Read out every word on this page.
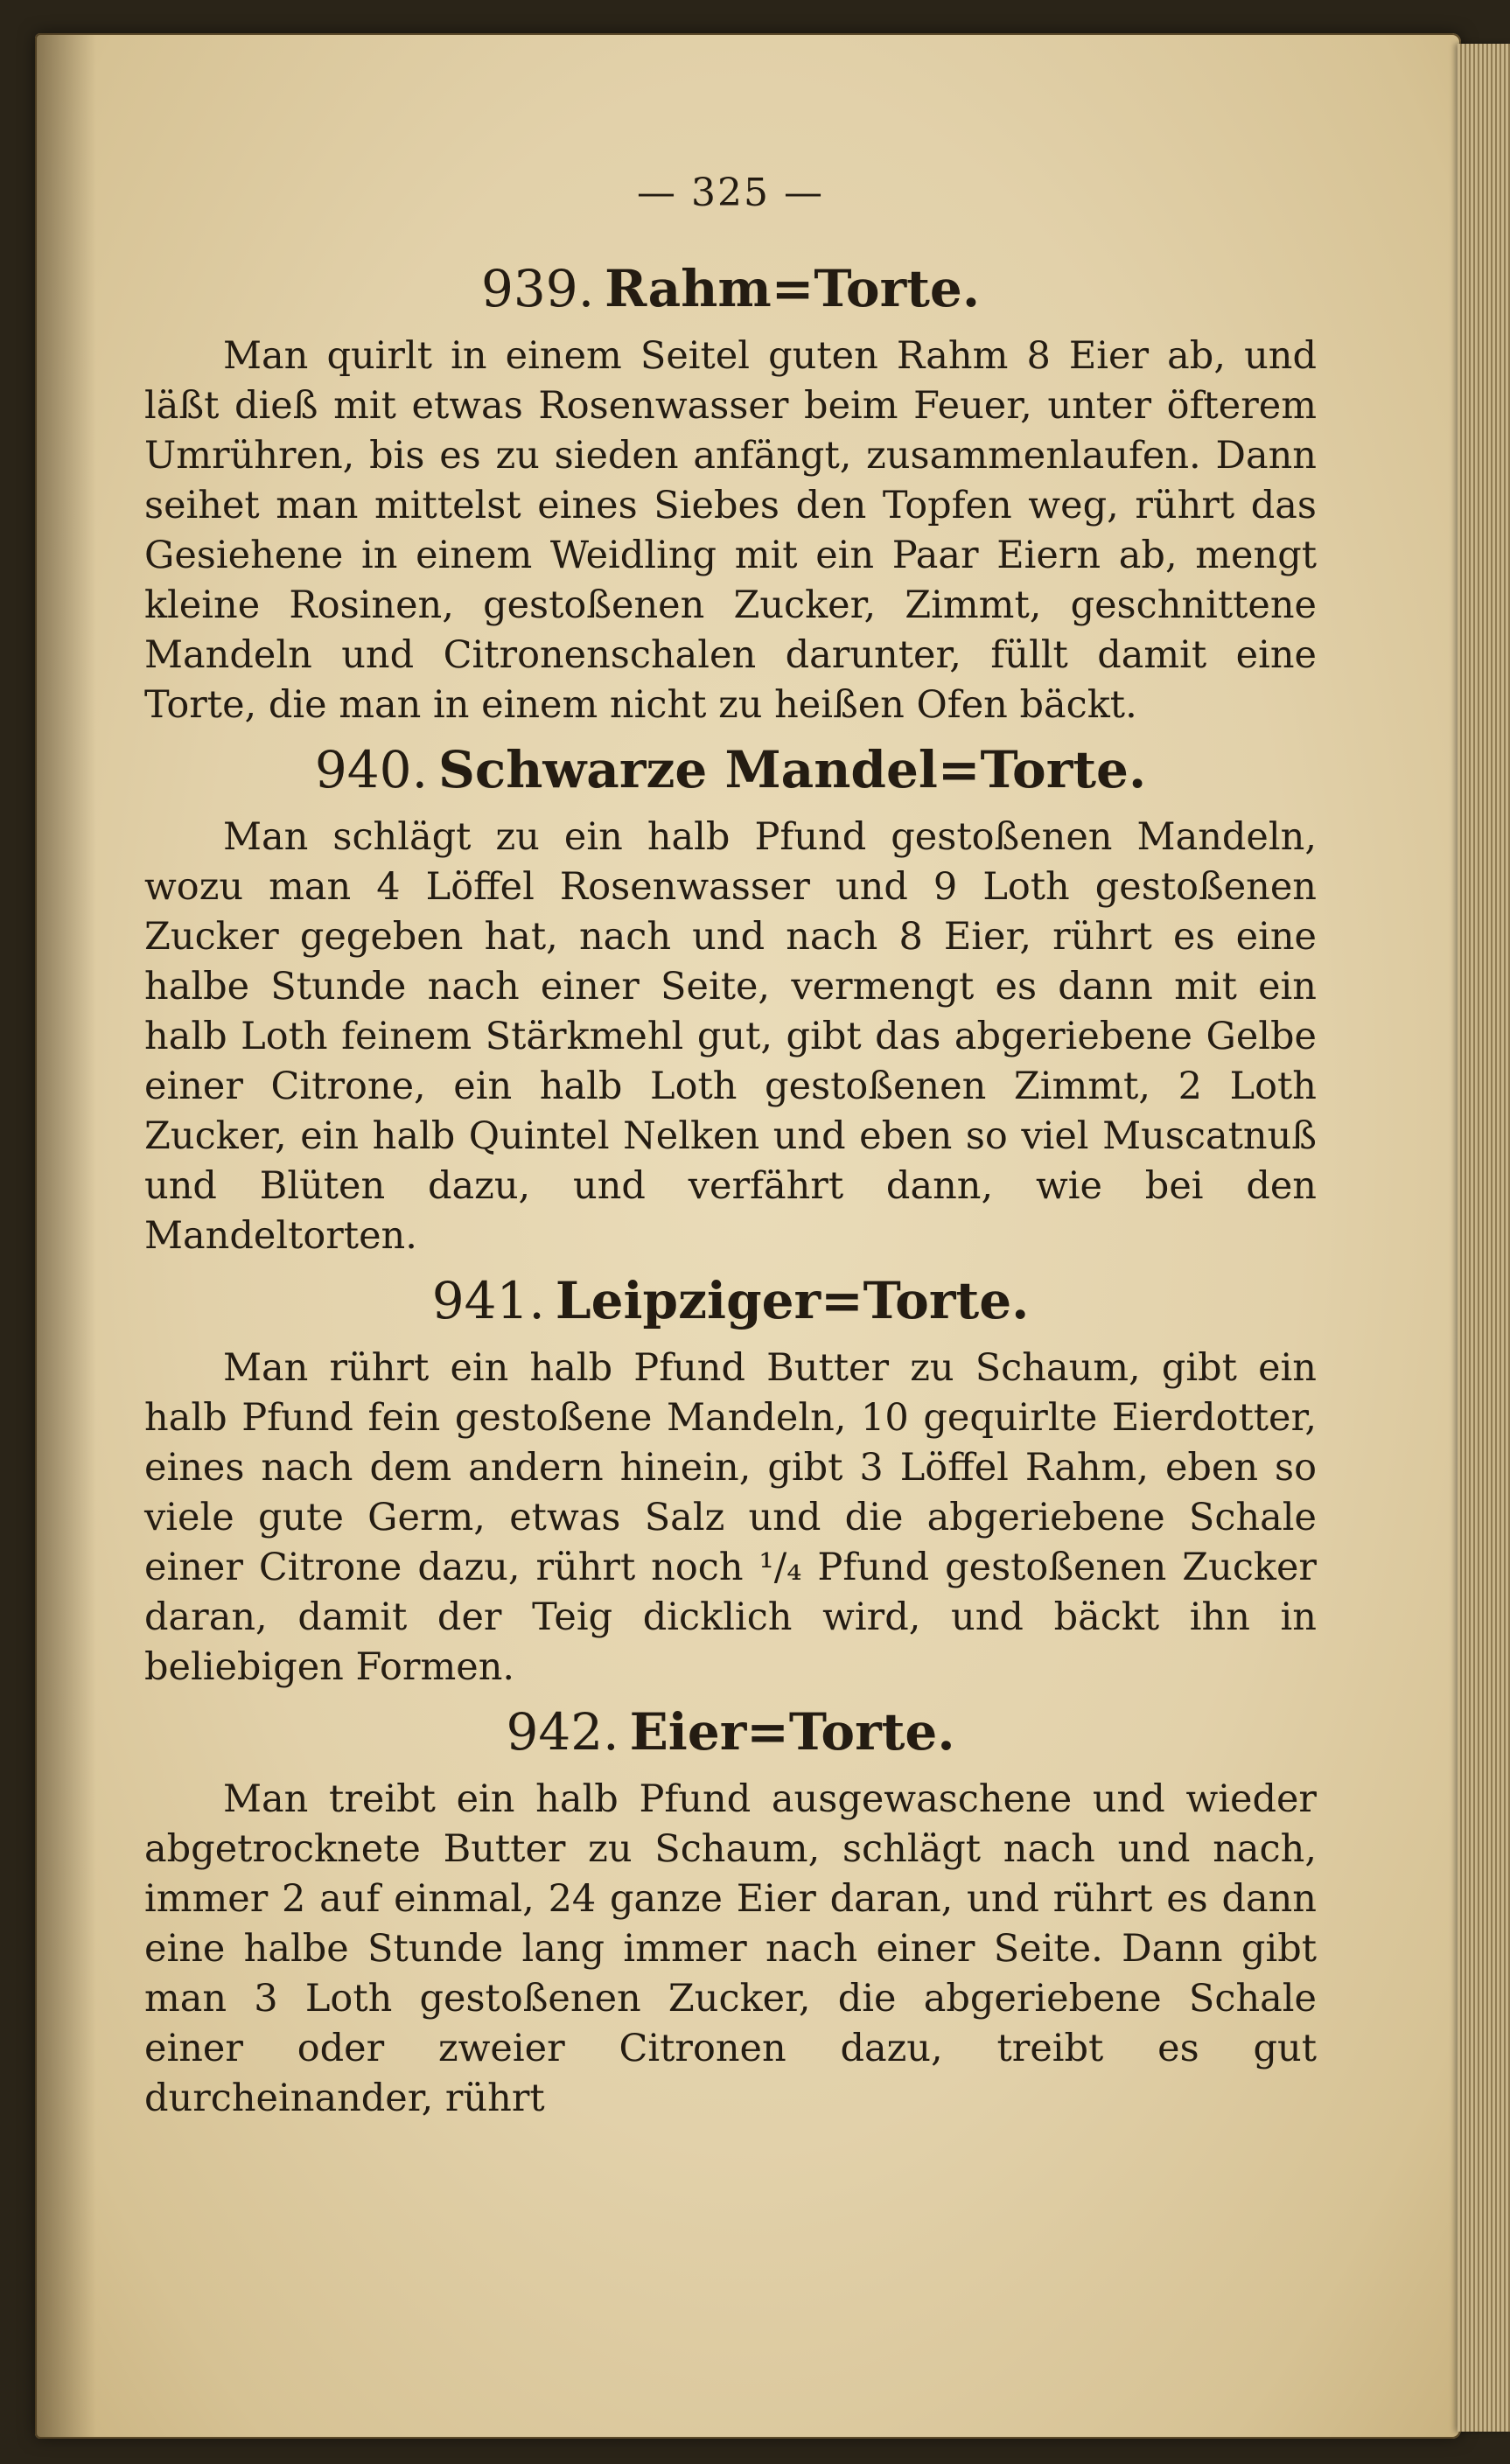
— 325 —
939. Rahm=Torte.

Man quirlt in einem Seitel guten Rahm 8 Eier ab, und läßt dieß mit etwas Rosenwasser beim Feuer, unter öfterem Umrühren, bis es zu sieden anfängt, zusammenlaufen. Dann seihet man mittelst eines Siebes den Topfen weg, rührt das Gesiehene in einem Weidling mit ein Paar Eiern ab, mengt kleine Rosinen, gestoßenen Zucker, Zimmt, geschnittene Mandeln und Citronenschalen darunter, füllt damit eine Torte, die man in einem nicht zu heißen Ofen bäckt.

940. Schwarze Mandel=Torte.

Man schlägt zu ein halb Pfund gestoßenen Mandeln, wozu man 4 Löffel Rosenwasser und 9 Loth gestoßenen Zucker gegeben hat, nach und nach 8 Eier, rührt es eine halbe Stunde nach einer Seite, vermengt es dann mit ein halb Loth feinem Stärkmehl gut, gibt das abgeriebene Gelbe einer Citrone, ein halb Loth gestoßenen Zimmt, 2 Loth Zucker, ein halb Quintel Nelken und eben so viel Muscatnuß und Blüten dazu, und verfährt dann, wie bei den Mandeltorten.

941. Leipziger=Torte.

Man rührt ein halb Pfund Butter zu Schaum, gibt ein halb Pfund fein gestoßene Mandeln, 10 gequirlte Eierdotter, eines nach dem andern hinein, gibt 3 Löffel Rahm, eben so viele gute Germ, etwas Salz und die abgeriebene Schale einer Citrone dazu, rührt noch ¹/₄ Pfund gestoßenen Zucker daran, damit der Teig dicklich wird, und bäckt ihn in beliebigen Formen.

942. Eier=Torte.

Man treibt ein halb Pfund ausgewaschene und wieder abgetrocknete Butter zu Schaum, schlägt nach und nach, immer 2 auf einmal, 24 ganze Eier daran, und rührt es dann eine halbe Stunde lang immer nach einer Seite. Dann gibt man 3 Loth gestoßenen Zucker, die abgeriebene Schale einer oder zweier Citronen dazu, treibt es gut durcheinander, rührt
